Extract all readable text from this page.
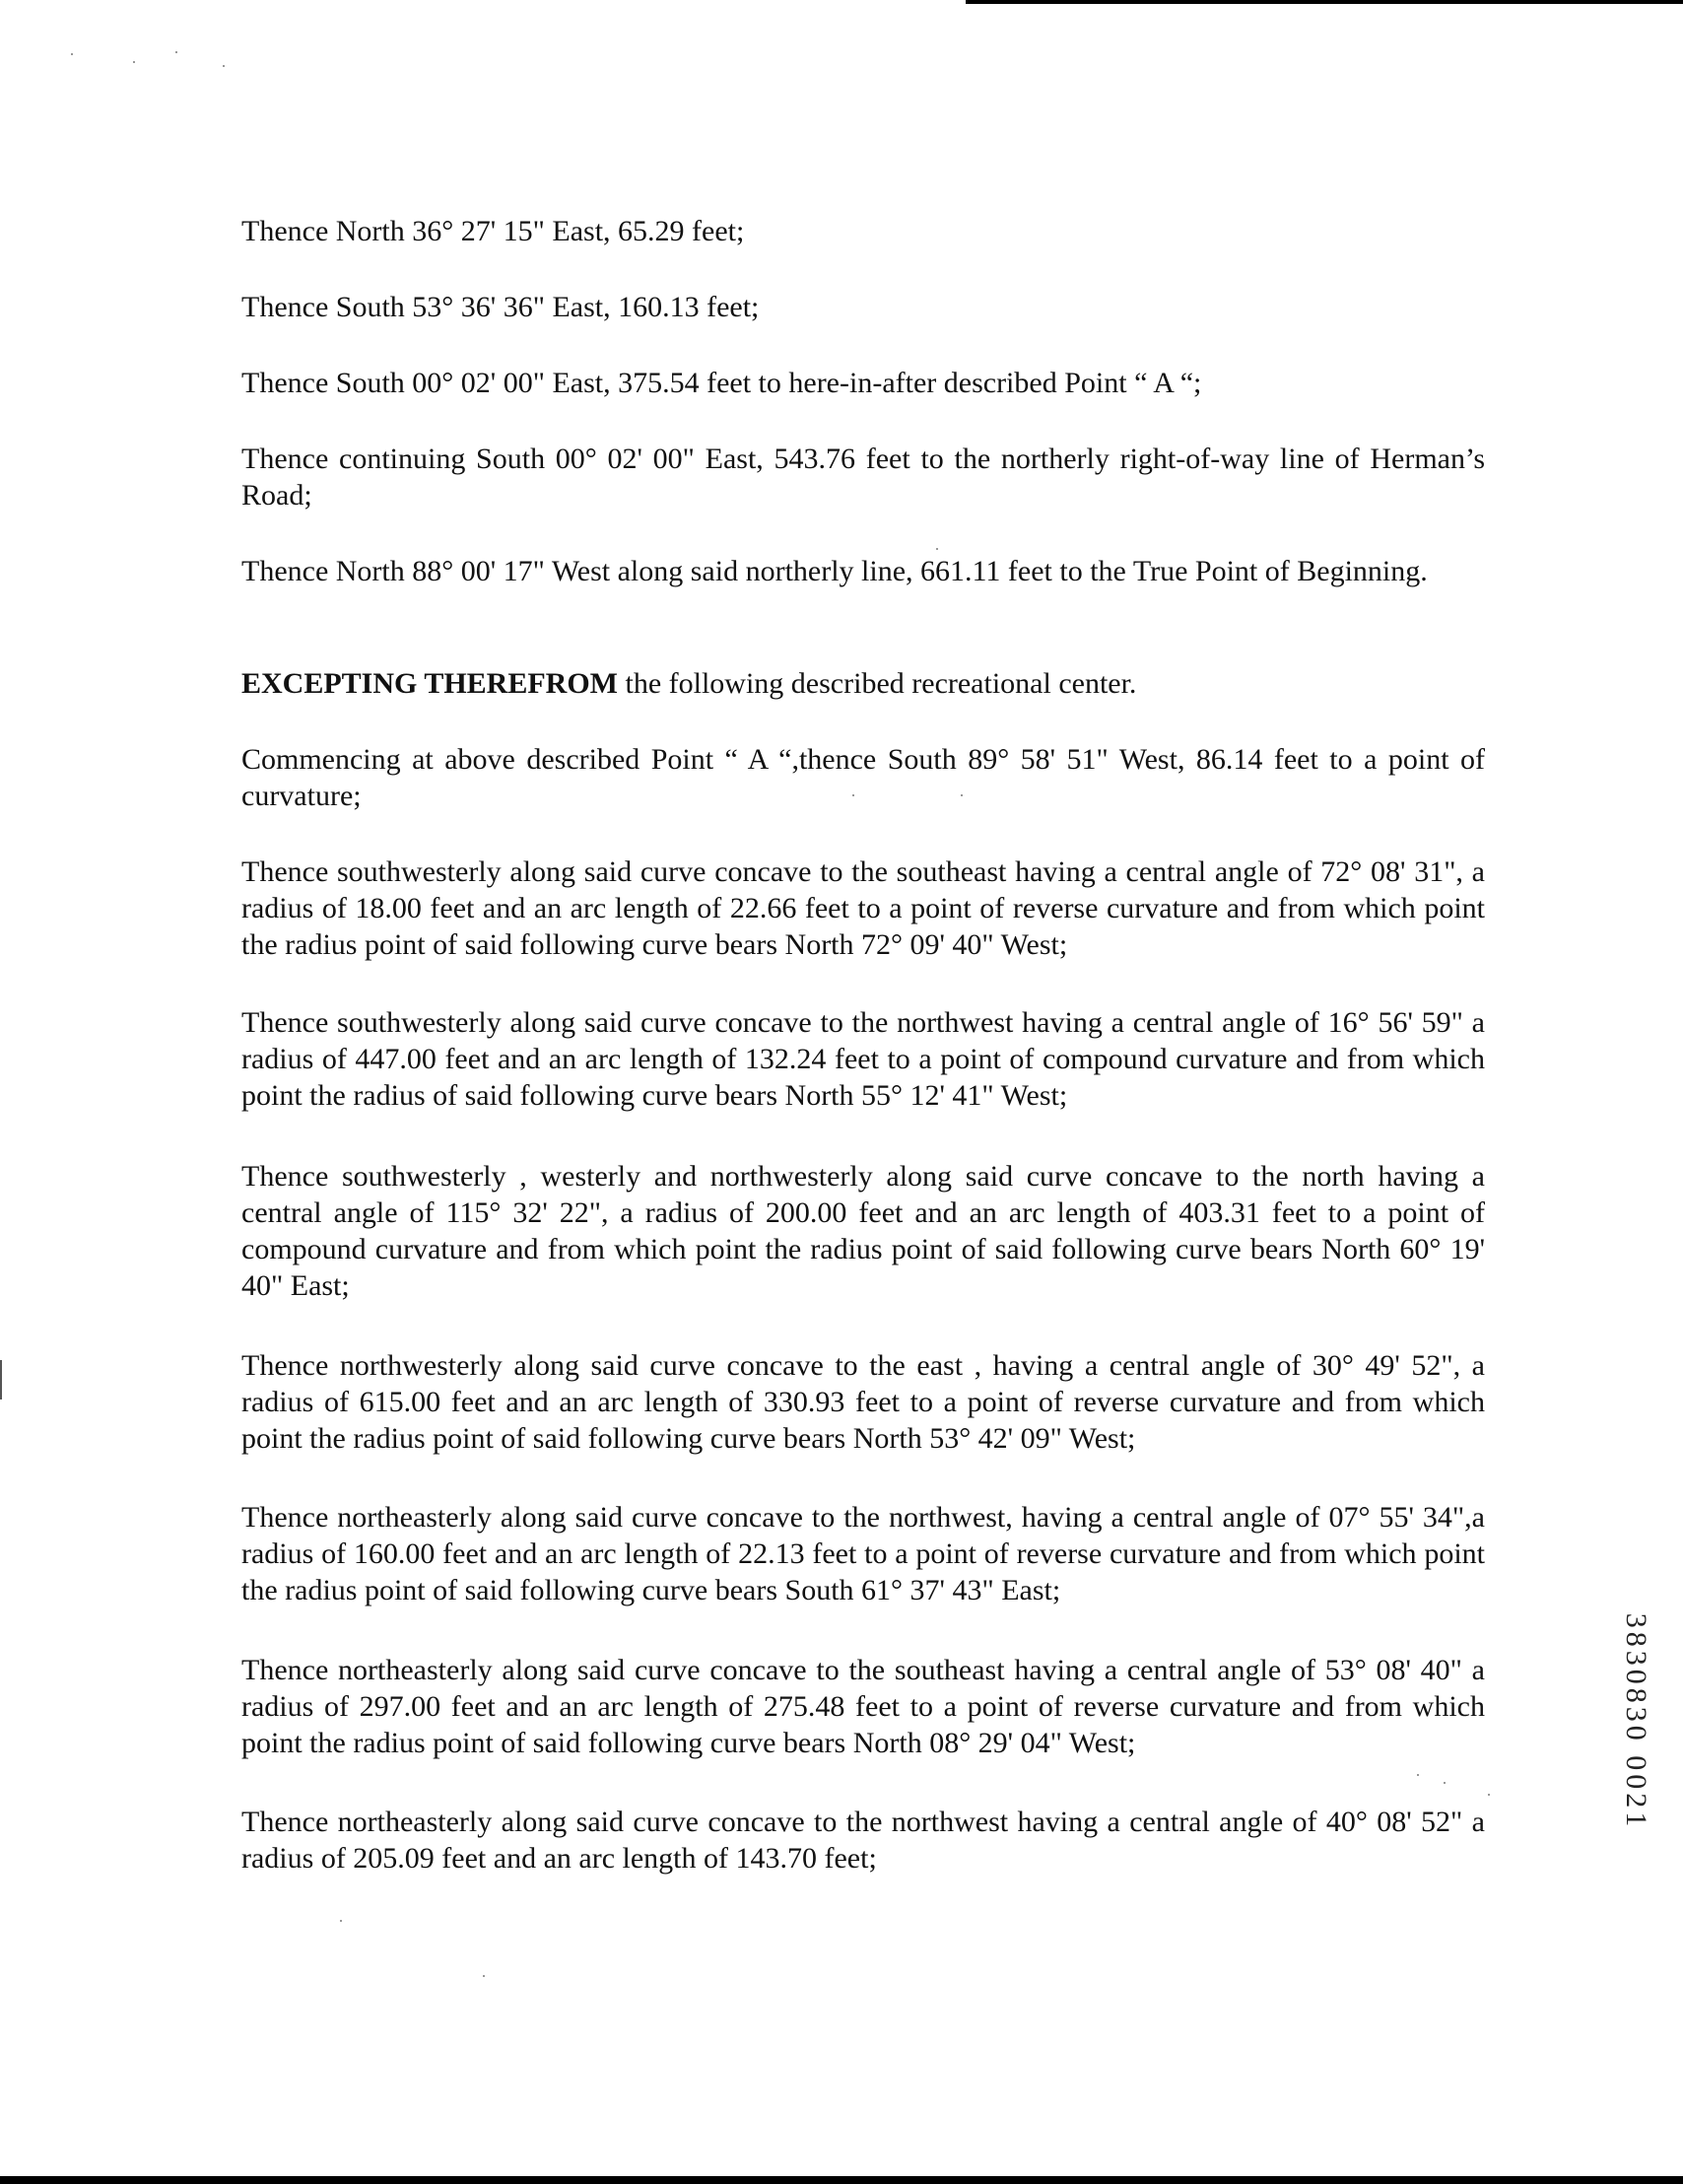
Thence North 36° 27' 15" East, 65.29 feet;

Thence South 53° 36' 36" East, 160.13 feet;

Thence South 00° 02' 00" East, 375.54 feet to here-in-after described Point “ A “;

Thence continuing South 00° 02' 00" East, 543.76 feet to the northerly right-of-way line of Herman’s Road;

Thence North 88° 00' 17" West along said northerly line, 661.11 feet to the True Point of Beginning.

EXCEPTING THEREFROM the following described recreational center.

Commencing at above described Point “ A “,thence South 89° 58' 51" West, 86.14 feet to a point of curvature;

Thence southwesterly along said curve concave to the southeast having a central angle of 72° 08' 31", a radius of 18.00 feet and an arc length of 22.66 feet to a point of reverse curvature and from which point the radius point of said following curve bears North 72° 09' 40" West;

Thence southwesterly along said curve concave to the northwest having a central angle of 16° 56' 59" a radius of 447.00 feet and an arc length of 132.24 feet to a point of compound curvature and from which point the radius of said following curve bears North 55° 12' 41" West;

Thence southwesterly , westerly and northwesterly along said curve concave to the north having a central angle of 115° 32' 22", a radius of 200.00 feet and an arc length of 403.31 feet to a point of compound curvature and from which point the radius point of said following curve bears North 60° 19' 40" East;

Thence northwesterly along said curve concave to the east , having a central angle of 30° 49' 52", a radius of 615.00 feet and an arc length of 330.93 feet to a point of reverse curvature and from which point the radius point of said following curve bears North 53° 42' 09" West;

Thence northeasterly along said curve concave to the northwest, having a central angle of 07° 55' 34",a radius of 160.00 feet and an arc length of 22.13 feet to a point of reverse curvature and from which point the radius point of said following curve bears South 61° 37' 43" East;

Thence northeasterly along said curve concave to the southeast having a central angle of 53° 08' 40" a radius of 297.00 feet and an arc length of 275.48 feet to a point of reverse curvature and from which point the radius point of said following curve bears North 08° 29' 04" West;

Thence northeasterly along said curve concave to the northwest having a central angle of 40° 08' 52" a radius of 205.09 feet and an arc length of 143.70 feet;

3830830 0021
